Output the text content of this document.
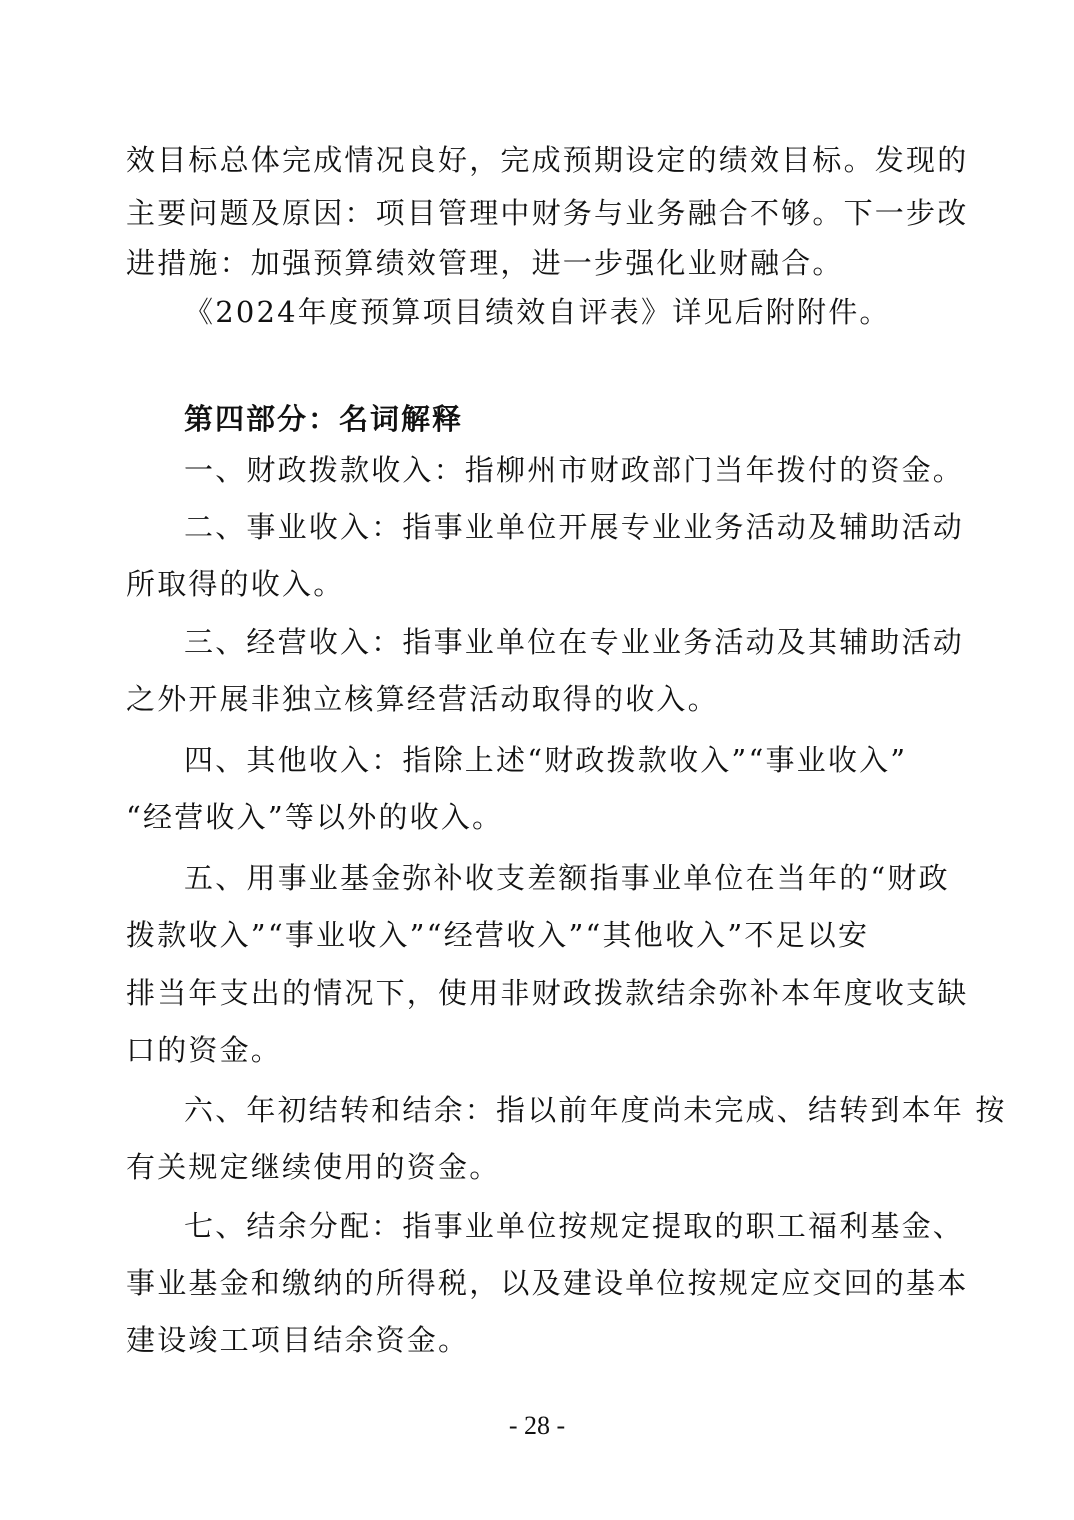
效目标总体完成情况良好，完成预期设定的绩效目标。发现的
主要问题及原因：项目管理中财务与业务融合不够。下一步改
进措施：加强预算绩效管理，进一步强化业财融合。
《2024年度预算项目绩效自评表》详见后附附件。
第四部分：名词解释
一、财政拨款收入：指柳州市财政部门当年拨付的资金。
二、事业收入：指事业单位开展专业业务活动及辅助活动
所取得的收入。
三、经营收入：指事业单位在专业业务活动及其辅助活动
之外开展非独立核算经营活动取得的收入。
四、其他收入：指除上述“财政拨款收入”“事业收入”
“经营收入”等以外的收入。
五、用事业基金弥补收支差额指事业单位在当年的“财政
拨款收入”“事业收入”“经营收入”“其他收入”不足以安
排当年支出的情况下，使用非财政拨款结余弥补本年度收支缺
口的资金。
六、年初结转和结余：指以前年度尚未完成、结转到本年 按
有关规定继续使用的资金。
七、结余分配：指事业单位按规定提取的职工福利基金、
事业基金和缴纳的所得税，以及建设单位按规定应交回的基本
建设竣工项目结余资金。
- 28 -
